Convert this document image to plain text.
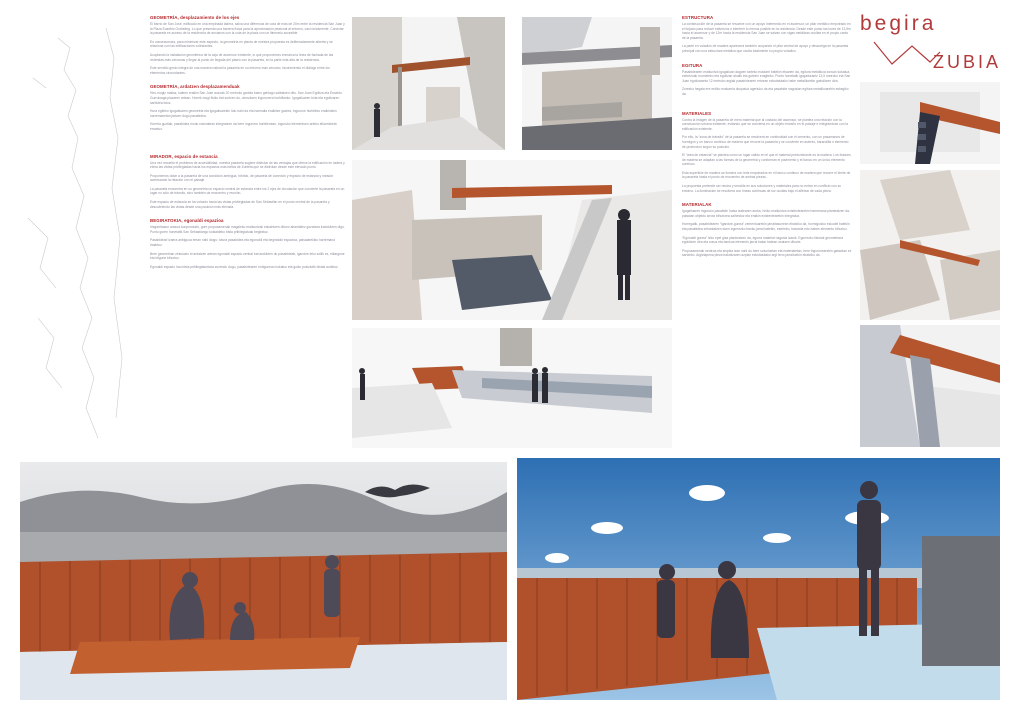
begira
ZUBIA
GEOMETRÍA, desplazamiento de los ejes

El barrio de San José, edificado en una empinada ladera, salva una diferencia de cota de más de 20m entre la residencia San Juan y la Plaza Eusebio Gorbeiteg. Lo que presenta una barrera física para la aproximación peatonal al entorno, casi únicamente. Conectar la pasarela es acceso de la residencia de ancianos con la cota de la plaza con un itinerario accesible.

En consecuencia, para minimizar este aspecto, la geometría en planta de nuestra propuesta es deliberadamente abierta y se relaciona con las edificaciones colindantes.

Acoplando la instalación geométrica de la caja de ascensor existente, lo que proponemos enmarca la línea de fachada de las viviendas más cercanas y llegar al punto de llegada del paseo con la pasarela, en la parte más alta de la residencia.

Este sencillo gesto integra de una manera natural la pasarela en su entorno más cercano, favoreciendo el diálogo entre los elementos circundantes.

GEOMETRÍA, ardatzen desplazamenduak

Hiru-mugiz mailaz, kaleen eraikin San Jose auzoak 20 metroko ganbia baino gehiago salbatzen ditu. San Juan Egoitza eta Eusebio Gurrutxaga plazaren artean. Honek mugi fisiko bat sortzen du, oinezkoen ingurunera hurbiltzeko. Igogailuaren kota eta egoitzaren sarbidea lotuz.

Hura egiteko Igogailuaren geometria eta igogailuarekin lotu nahi da eta harmaila eraikitze gaztea, ingurune hurbileko eraikinekin harremanetan jartzen dugu pasabidea.

Horrela guztiak, pasabidea modu naturalean integratzen da bere ingurune hurbilenean, inguruko elementuen arteko elkarrizketa erraztuz.

MIRADOR, espacio de estancia

Una vez resuelto el problema de accesibilidad, nuestra pasarela sugiere disfrutar de las ventajas que ofrece la edificación en ladera y eleva las vistas privilegiadas hacia los espacios más bellos de Zubieta que se disfrutan desde este elevado punto.

Proponemos dotar a la pasarela de una condición ambigua, híbrido, de pasarela de conexión y espacio de estancia y mirador acentuando la relación con el paisaje.

La pasarela encuentra en su geometría un espacio central de estancia entre los 2 ejes de circulación que convierte la pasarela en un lugar no sólo de tránsito, sino también de encuentro y reunión.

Este espacio de estancia se ha volcado hacia las vistas privilegiadas de San Sebastián en el punto central de la pasarela y descubriendo las vistas desde una posición más elevada.

BEGIRATOKIA, egonaldi espazioa

Irisgarritasun arazoa konpondurik, gure proposamenak magaleko eraikuntzak eskaintzen dituen abantailez gozatzea iradokitzen digu. Puntu goren honetatik San Sebastiango kostaldeko bista pribilegiatuak begiratuz.

Pasabideari izaera anbiguoa eman nahi diogu: lotura pasabidea eta egonaldi eta begiratoki espazioa, paisaiarekiko harremana indartuz.

Bere geometrian zirkulazio bi ardatzen artean egonaldi espazio zentral bat aurkitzen du pasabideak, igarotze leku soilik ez, elkargune eta bilgune bihurtuz.

Egonaldi espazio hau bista pribilegiatuetara zuzendu dugu, pasabidearen erdigunean kokatuz eta goiko posiziotik bistak aurkituz.

ESTRUCTURA

La construcción de la pasarela se resuelve con un apoyo intermedio en el ascensor, un pilar metálico empotrado en el forjado para reducir esfuerzos e interferir lo menos posible en la residencia. Desde este punto las luces de 13,5m hacia el ascensor y de 12m hacia la residencia San Juan se salvan con vigas metálicas ocultas en el propio canto de la pasarela.

La parte en voladizo de madera aparecerá también ocupando el pilar central de apoyo y descuelga en la pasarela principal con una estructura metálica que oculta totalmente su propio voladizo.

EGITURA

Pasabidearen eraikuntza igogailuan dagoen tarteko euskarri batekin ebazten da, egitura metalikoa zoruan kokatua, esfortzuak murrizteko eta egoitzan ahalik eta gutxien eragiteko. Puntu honetatik igogailurantz 13,5 metroko eta San Juan egoitzarantz 12 metroko argiak pasabidearen ertzean ezkutatutako habe metalikoekin gainditzen dira.

Zurezko hegala ere erdiko euskarria okupatuz agertuko da eta pasabide nagusian egitura metalikoarekin eskegiko da.

MATERIALES

Contra la imagen de la pasarela de mero material que al costado del ascensor, se plantea una relación con la construcción urbana existente, evitando que se convierta en un objeto extraño en el paisaje e integrándose con la edificación existente.

Por ello, la “zona de tránsito” de la pasarela se resolverá en continuidad con el cemento, con un pasamanos de hormigón y un banco continuo de madera que recorre la pasarela y se convierte en asiento, barandilla o elemento de protección según su posición.

El “área de estancia” se plantea como un lugar cálido en el que el material predominante es la madera. Los listones de madera se adaptan a las formas de la geometría y conforman el pavimento y el banco en un único elemento continuo.

Esta superficie de madera se ilumina con leds empotrados en el banco continuo de madera que recorre el límite de la pasarela hasta el punto de encuentro de ambas piezas.

La propuesta pretende ser neutra y sencilla en sus soluciones y materiales para no entrar en conflicto con su entorno. La iluminación se resolverá con líneas continuas de luz ocultas bajo el alféizar de cada pieza.

MATERIALAK

Igogailuaren inguruko pasabide hutsa izatearen aurka, hiriko eraikuntza existentearekin harremana planteatzen da, paisaian objektu arrotz bihurtzea saihestuz eta eraikin existentearekin integratuz.

Horregatik, pasabidearen “igarotze-gunea” zementuarekin jarraitasunean ebatziko da, hormigoizko eskudel batekin eta pasabidea zeharkatzen duen egurrezko banku jarrai batekin, eserleku, baranda edo babes elementu bihurtuz.

“Egonaldi gunea” leku epel gisa planteatzen da, egurra material nagusia izanik. Egurrezko listoiak geometriara egokitzen dira eta zorua eta bankua elementu jarrai bakar batean osatzen dituzte.

Proposamenak neutroa eta sinplea izan nahi du bere soluzioetan eta materialetan, bere ingurunearekin gatazkan ez sartzeko. Argiztapena pieza bakoitzaren azpian ezkutatutako argi lerro jarraituekin ebatziko da.
